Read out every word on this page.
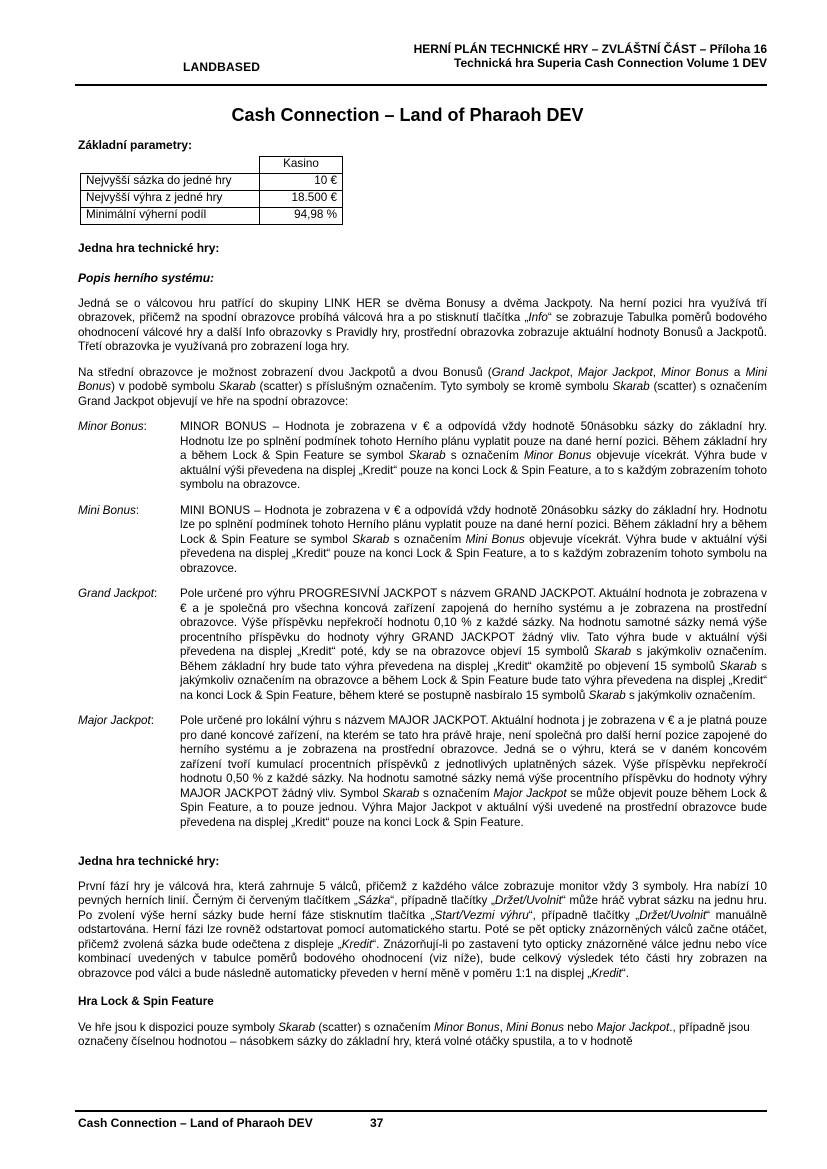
LANDBASED
HERNÍ PLÁN TECHNICKÉ HRY – ZVLÁŠTNÍ ČÁST – Příloha 16
Technická hra Superia Cash Connection Volume 1 DEV
Cash Connection – Land of Pharaoh DEV
Základní parametry:
	Kasino
Nejvyšší sázka do jedné hry	10 €
Nejvyšší výhra z jedné hry	18.500 €
Minimální výherní podíl	94,98 %
Jedna hra technické hry:
Popis herního systému:

Jedná se o válcovou hru patřící do skupiny LINK HER se dvěma Bonusy a dvěma Jackpoty. Na herní pozici hra využívá tří obrazovek, přičemž na spodní obrazovce probíhá válcová hra a po stisknutí tlačítka „Info“ se zobrazuje Tabulka poměrů bodového ohodnocení válcové hry a další Info obrazovky s Pravidly hry, prostřední obrazovka zobrazuje aktuální hodnoty Bonusů a Jackpotů. Třetí obrazovka je využívaná pro zobrazení loga hry.

Na střední obrazovce je možnost zobrazení dvou Jackpotů a dvou Bonusů (Grand Jackpot, Major Jackpot, Minor Bonus a Mini Bonus) v podobě symbolu Skarab (scatter) s příslušným označením. Tyto symboly se kromě symbolu Skarab (scatter) s označením Grand Jackpot objevují ve hře na spodní obrazovce:

Minor Bonus:	MINOR BONUS – Hodnota je zobrazena v € a odpovídá vždy hodnotě 50násobku sázky do základní hry. Hodnotu lze po splnění podmínek tohoto Herního plánu vyplatit pouze na dané herní pozici. Během základní hry a během Lock & Spin Feature se symbol Skarab s označením Minor Bonus objevuje vícekrát. Výhra bude v aktuální výši převedena na displej „Kredit“ pouze na konci Lock & Spin Feature, a to s každým zobrazením tohoto symbolu na obrazovce.
Mini Bonus:	MINI BONUS – Hodnota je zobrazena v € a odpovídá vždy hodnotě 20násobku sázky do základní hry. Hodnotu lze po splnění podmínek tohoto Herního plánu vyplatit pouze na dané herní pozici. Během základní hry a během Lock & Spin Feature se symbol Skarab s označením Mini Bonus objevuje vícekrát. Výhra bude v aktuální výši převedena na displej „Kredit“ pouze na konci Lock & Spin Feature, a to s každým zobrazením tohoto symbolu na obrazovce.
Grand Jackpot:	Pole určené pro výhru PROGRESIVNÍ JACKPOT s názvem GRAND JACKPOT. Aktuální hodnota je zobrazena v € a je společná pro všechna koncová zařízení zapojená do herního systému a je zobrazena na prostřední obrazovce. Výše příspěvku nepřekročí hodnotu 0,10 % z každé sázky. Na hodnotu samotné sázky nemá výše procentního příspěvku do hodnoty výhry GRAND JACKPOT žádný vliv. Tato výhra bude v aktuální výši převedena na displej „Kredit“ poté, kdy se na obrazovce objeví 15 symbolů Skarab s jakýmkoliv označením. Během základní hry bude tato výhra převedena na displej „Kredit“ okamžitě po objevení 15 symbolů Skarab s jakýmkoliv označením na obrazovce a během Lock & Spin Feature bude tato výhra převedena na displej „Kredit“ na konci Lock & Spin Feature, během které se postupně nasbíralo 15 symbolů Skarab s jakýmkoliv označením.
Major Jackpot:	Pole určené pro lokální výhru s názvem MAJOR JACKPOT. Aktuální hodnota j je zobrazena v € a je platná pouze pro dané koncové zařízení, na kterém se tato hra právě hraje, není společná pro další herní pozice zapojené do herního systému a je zobrazena na prostřední obrazovce. Jedná se o výhru, která se v daném koncovém zařízení tvoří kumulací procentních příspěvků z jednotlivých uplatněných sázek. Výše příspěvku nepřekročí hodnotu 0,50 % z každé sázky. Na hodnotu samotné sázky nemá výše procentního příspěvku do hodnoty výhry MAJOR JACKPOT žádný vliv. Symbol Skarab s označením Major Jackpot se může objevit pouze během Lock & Spin Feature, a to pouze jednou. Výhra Major Jackpot v aktuální výši uvedené na prostřední obrazovce bude převedena na displej „Kredit“ pouze na konci Lock & Spin Feature.
Jedna hra technické hry:

První fází hry je válcová hra, která zahrnuje 5 válců, přičemž z každého válce zobrazuje monitor vždy 3 symboly. Hra nabízí 10 pevných herních linií. Černým či červeným tlačítkem „Sázka“, případně tlačítky „Držet/Uvolnit“ může hráč vybrat sázku na jednu hru. Po zvolení výše herní sázky bude herní fáze stisknutím tlačítka „Start/Vezmi výhru“, případně tlačítky „Držet/Uvolnit“ manuálně odstartována. Herní fázi lze rovněž odstartovat pomocí automatického startu. Poté se pět opticky znázorněných válců začne otáčet, přičemž zvolená sázka bude odečtena z displeje „Kredit“. Znázorňují-li po zastavení tyto opticky znázorněné válce jednu nebo více kombinací uvedených v tabulce poměrů bodového ohodnocení (viz níže), bude celkový výsledek této části hry zobrazen na obrazovce pod válci a bude následně automaticky převeden v herní měně v poměru 1:1 na displej „Kredit“.

Hra Lock & Spin Feature

Ve hře jsou k dispozici pouze symboly Skarab (scatter) s označením Minor Bonus, Mini Bonus nebo Major Jackpot., případně jsou označeny číselnou hodnotou – násobkem sázky do základní hry, která volné otáčky spustila, a to v hodnotě

Cash Connection – Land of Pharaoh DEV	37
